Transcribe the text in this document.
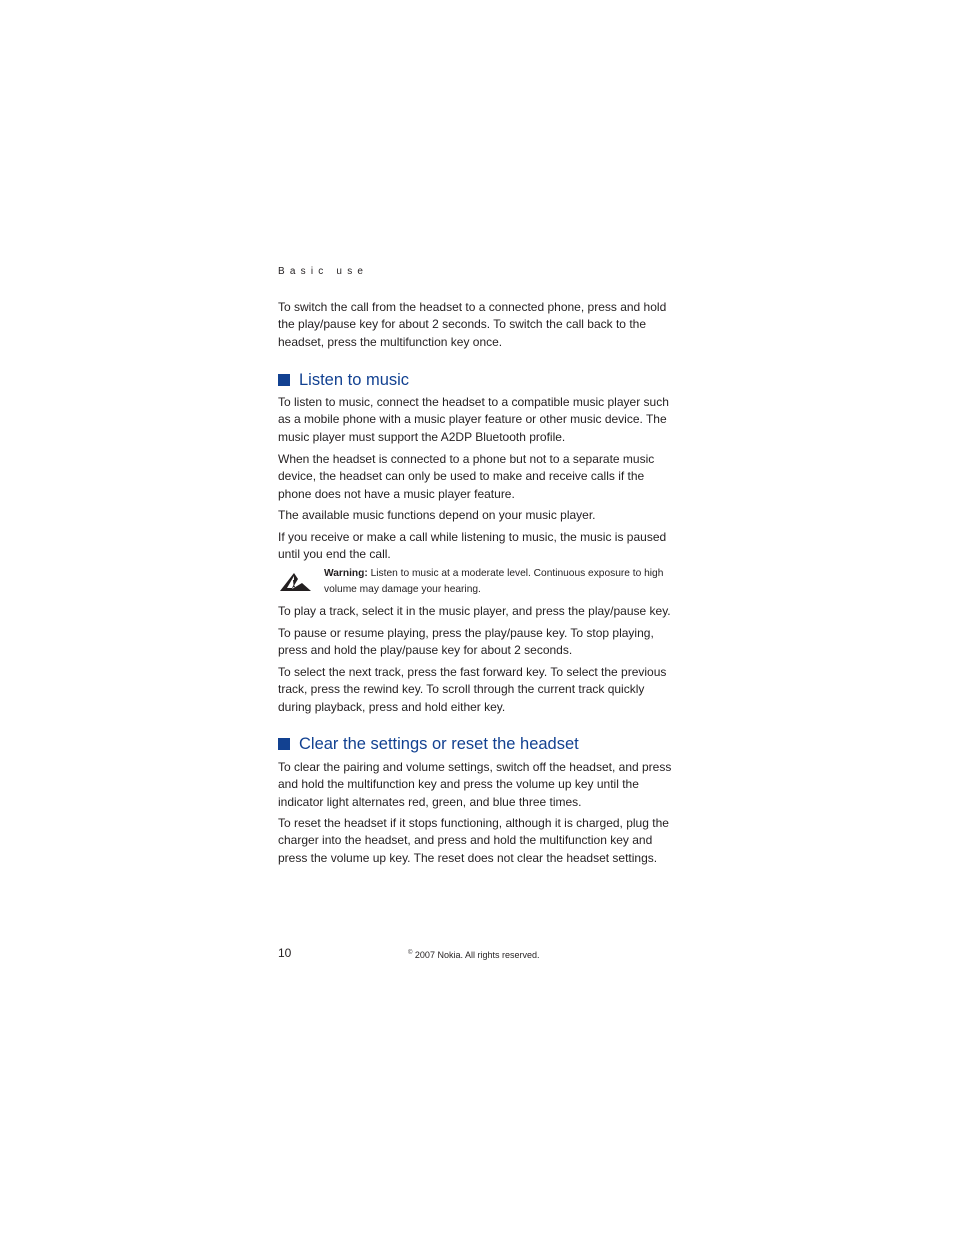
Basic use

To switch the call from the headset to a connected phone, press and hold the play/pause key for about 2 seconds. To switch the call back to the headset, press the multifunction key once.

Listen to music

To listen to music, connect the headset to a compatible music player such as a mobile phone with a music player feature or other music device. The music player must support the A2DP Bluetooth profile.

When the headset is connected to a phone but not to a separate music device, the headset can only be used to make and receive calls if the phone does not have a music player feature.

The available music functions depend on your music player.

If you receive or make a call while listening to music, the music is paused until you end the call.

Warning: Listen to music at a moderate level. Continuous exposure to high volume may damage your hearing.

To play a track, select it in the music player, and press the play/pause key.

To pause or resume playing, press the play/pause key. To stop playing, press and hold the play/pause key for about 2 seconds.

To select the next track, press the fast forward key. To select the previous track, press the rewind key. To scroll through the current track quickly during playback, press and hold either key.

Clear the settings or reset the headset

To clear the pairing and volume settings, switch off the headset, and press and hold the multifunction key and press the volume up key until the indicator light alternates red, green, and blue three times.

To reset the headset if it stops functioning, although it is charged, plug the charger into the headset, and press and hold the multifunction key and press the volume up key. The reset does not clear the headset settings.

10	© 2007 Nokia. All rights reserved.
